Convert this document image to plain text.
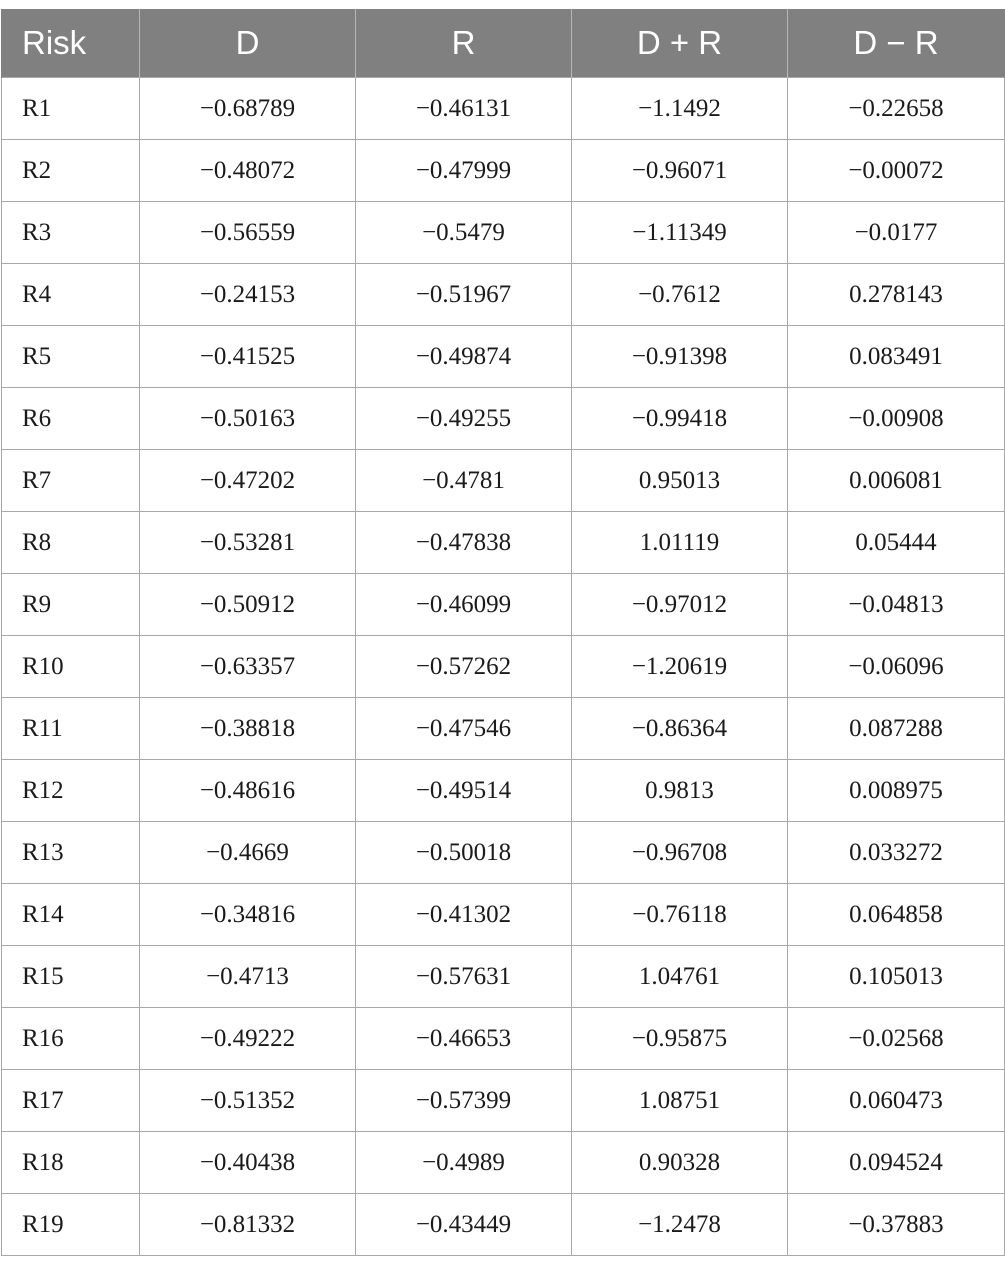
Risk	D	R	D + R	D − R
R1	−0.68789	−0.46131	−1.1492	−0.22658
R2	−0.48072	−0.47999	−0.96071	−0.00072
R3	−0.56559	−0.5479	−1.11349	−0.0177
R4	−0.24153	−0.51967	−0.7612	0.278143
R5	−0.41525	−0.49874	−0.91398	0.083491
R6	−0.50163	−0.49255	−0.99418	−0.00908
R7	−0.47202	−0.4781	0.95013	0.006081
R8	−0.53281	−0.47838	1.01119	0.05444
R9	−0.50912	−0.46099	−0.97012	−0.04813
R10	−0.63357	−0.57262	−1.20619	−0.06096
R11	−0.38818	−0.47546	−0.86364	0.087288
R12	−0.48616	−0.49514	0.9813	0.008975
R13	−0.4669	−0.50018	−0.96708	0.033272
R14	−0.34816	−0.41302	−0.76118	0.064858
R15	−0.4713	−0.57631	1.04761	0.105013
R16	−0.49222	−0.46653	−0.95875	−0.02568
R17	−0.51352	−0.57399	1.08751	0.060473
R18	−0.40438	−0.4989	0.90328	0.094524
R19	−0.81332	−0.43449	−1.2478	−0.37883
